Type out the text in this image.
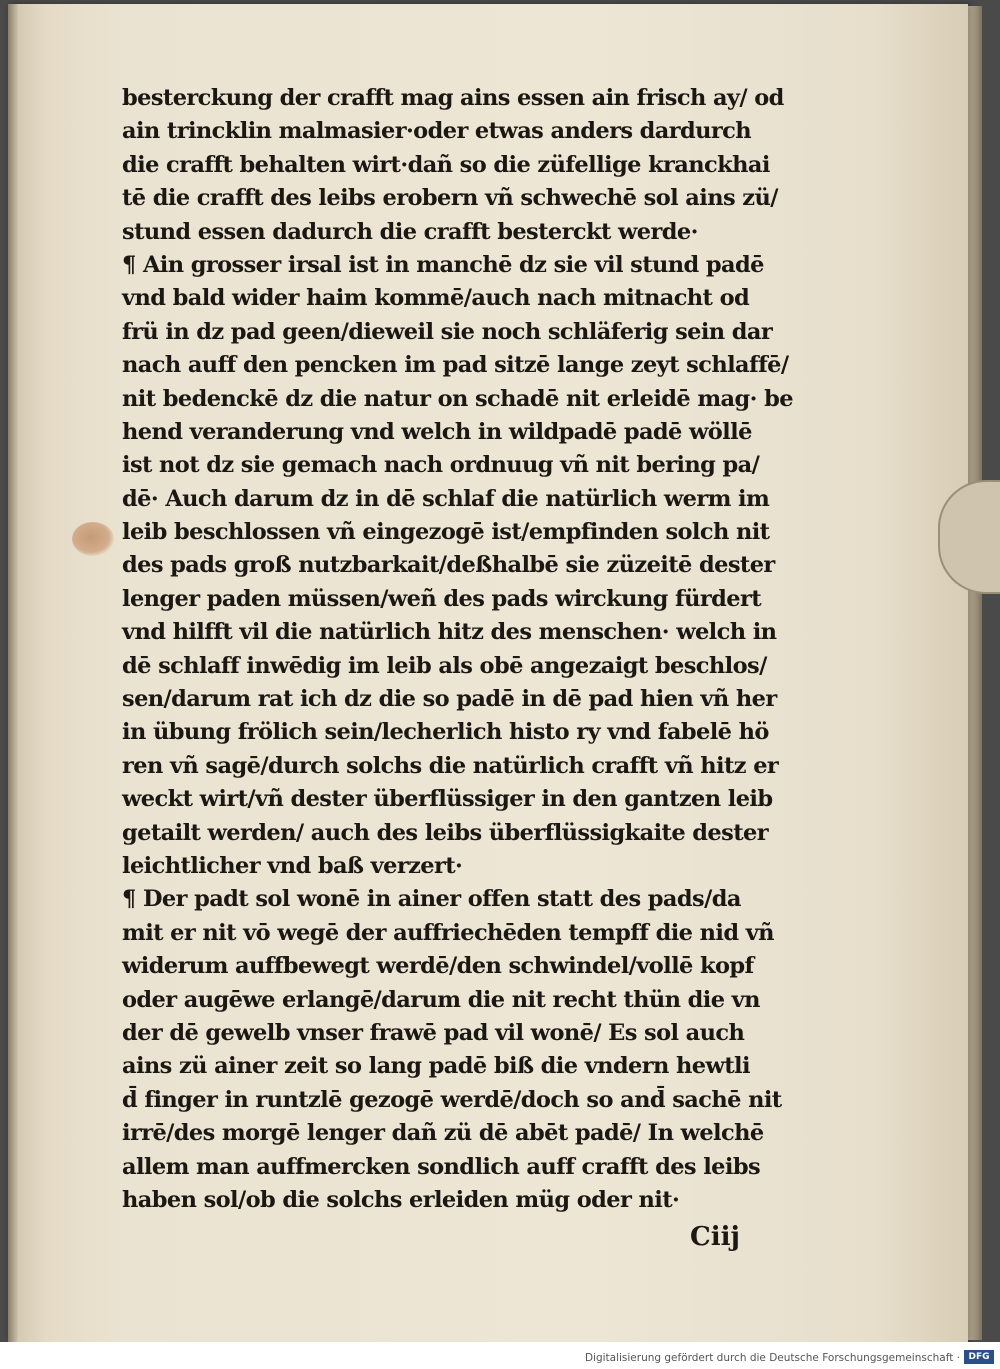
besterckung der crafft mag ains essen ain frisch ay/ od
ain trincklin malmasier·oder etwas anders dardurch
die crafft behalten wirt·dañ so die züfellige kranckhai
tē die crafft des leibs erobern vñ schwechē sol ains zü/
stund essen dadurch die crafft besterckt werde·
¶ Ain grosser irsal ist in manchē dz sie vil stund padē
vnd bald wider haim kommē/auch nach mitnacht od
frü in dz pad geen/dieweil sie noch schläferig sein dar
nach auff den pencken im pad sitzē lange zeyt schlaffē/
nit bedenckē dz die natur on schadē nit erleidē mag· be
hend veranderung vnd welch in wildpadē padē wöllē
ist not dz sie gemach nach ordnuug vñ nit bering pa/
dē· Auch darum dz in dē schlaf die natürlich werm im
leib beschlossen vñ eingezogē ist/empfinden solch nit
des pads groß nutzbarkait/deßhalbē sie züzeitē dester
lenger paden müssen/weñ des pads wirckung fürdert
vnd hilfft vil die natürlich hitz des menschen· welch in
dē schlaff inwēdig im leib als obē angezaigt beschlos/
sen/darum rat ich dz die so padē in dē pad hien vñ her
in übung frölich sein/lecherlich histo ry vnd fabelē hö
ren vñ sagē/durch solchs die natürlich crafft vñ hitz er
weckt wirt/vñ dester überflüssiger in den gantzen leib
getailt werden/ auch des leibs überflüssigkaite dester
leichtlicher vnd baß verzert·
¶ Der padt sol wonē in ainer offen statt des pads/da
mit er nit vō wegē der auffriechēden tempff die nid vñ
widerum auffbewegt werdē/den schwindel/vollē kopf
oder augēwe erlangē/darum die nit recht thün die vn
der dē gewelb vnser frawē pad vil wonē/ Es sol auch
ains zü ainer zeit so lang padē biß die vndern hewtli
d̄ finger in runtzlē gezogē werdē/doch so and̄ sachē nit
irrē/des morgē lenger dañ zü dē abēt padē/ In welchē
allem man auffmercken sondlich auff crafft des leibs
haben sol/ob die solchs erleiden müg oder nit·
Ciij
Digitalisierung gefördert durch die Deutsche Forschungsgemeinschaft · DFG
